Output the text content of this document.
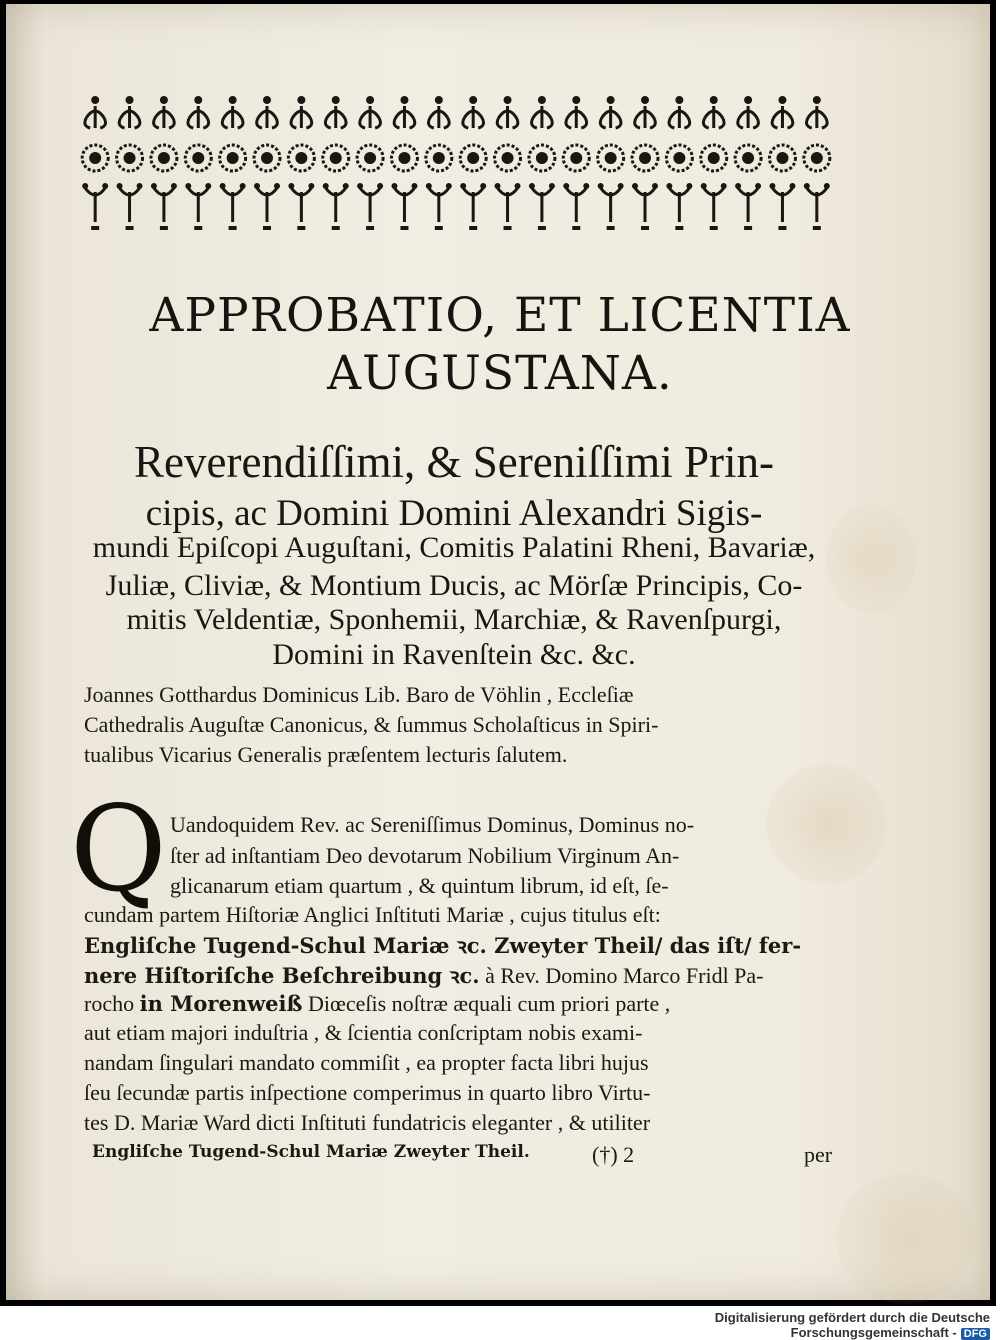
APPROBATIO, ET LICENTIA
AUGUSTANA.

Reverendiſſimi, & Sereniſſimi Prin-

cipis, ac Domini Domini Alexandri Sigis-

mundi Epiſcopi Auguſtani, Comitis Palatini Rheni, Bavariæ,

Juliæ, Cliviæ, & Montium Ducis, ac Mörſæ Principis, Co-

mitis Veldentiæ, Sponhemii, Marchiæ, & Ravenſpurgi,

Domini in Ravenſtein &c. &c.

Joannes Gotthardus Dominicus Lib. Baro de Vöhlin , Eccleſiæ

Cathedralis Auguſtæ Canonicus, & ſummus Scholaſticus in Spiri-

tualibus Vicarius Generalis præſentem lecturis ſalutem.

Q Uandoquidem Rev. ac Sereniſſimus Dominus, Dominus no-

ſter ad inſtantiam Deo devotarum Nobilium Virginum An-

glicanarum etiam quartum , & quintum librum, id eſt, ſe-

cundam partem Hiſtoriæ Anglici Inſtituti Mariæ , cujus titulus eſt:

Engliſche Tugend-Schul Mariæ ꝛc. Zweyter Theil/ das iſt/ fer-

nere Hiſtoriſche Beſchreibung ꝛc. à Rev. Domino Marco Fridl Pa-

rocho in Morenweiß Diœceſis noſtræ æquali cum priori parte ,

aut etiam majori induſtria , & ſcientia conſcriptam nobis exami-

nandam ſingulari mandato commiſit , ea propter facta libri hujus

ſeu ſecundæ partis inſpectione comperimus in quarto libro Virtu-

tes D. Mariæ Ward dicti Inſtituti fundatricis eleganter , & utiliter

Engliſche Tugend-Schul Mariæ Zweyter Theil.	(†) 2	per
Digitalisierung gefördert durch die Deutsche Forschungsgemeinschaft - DFG
